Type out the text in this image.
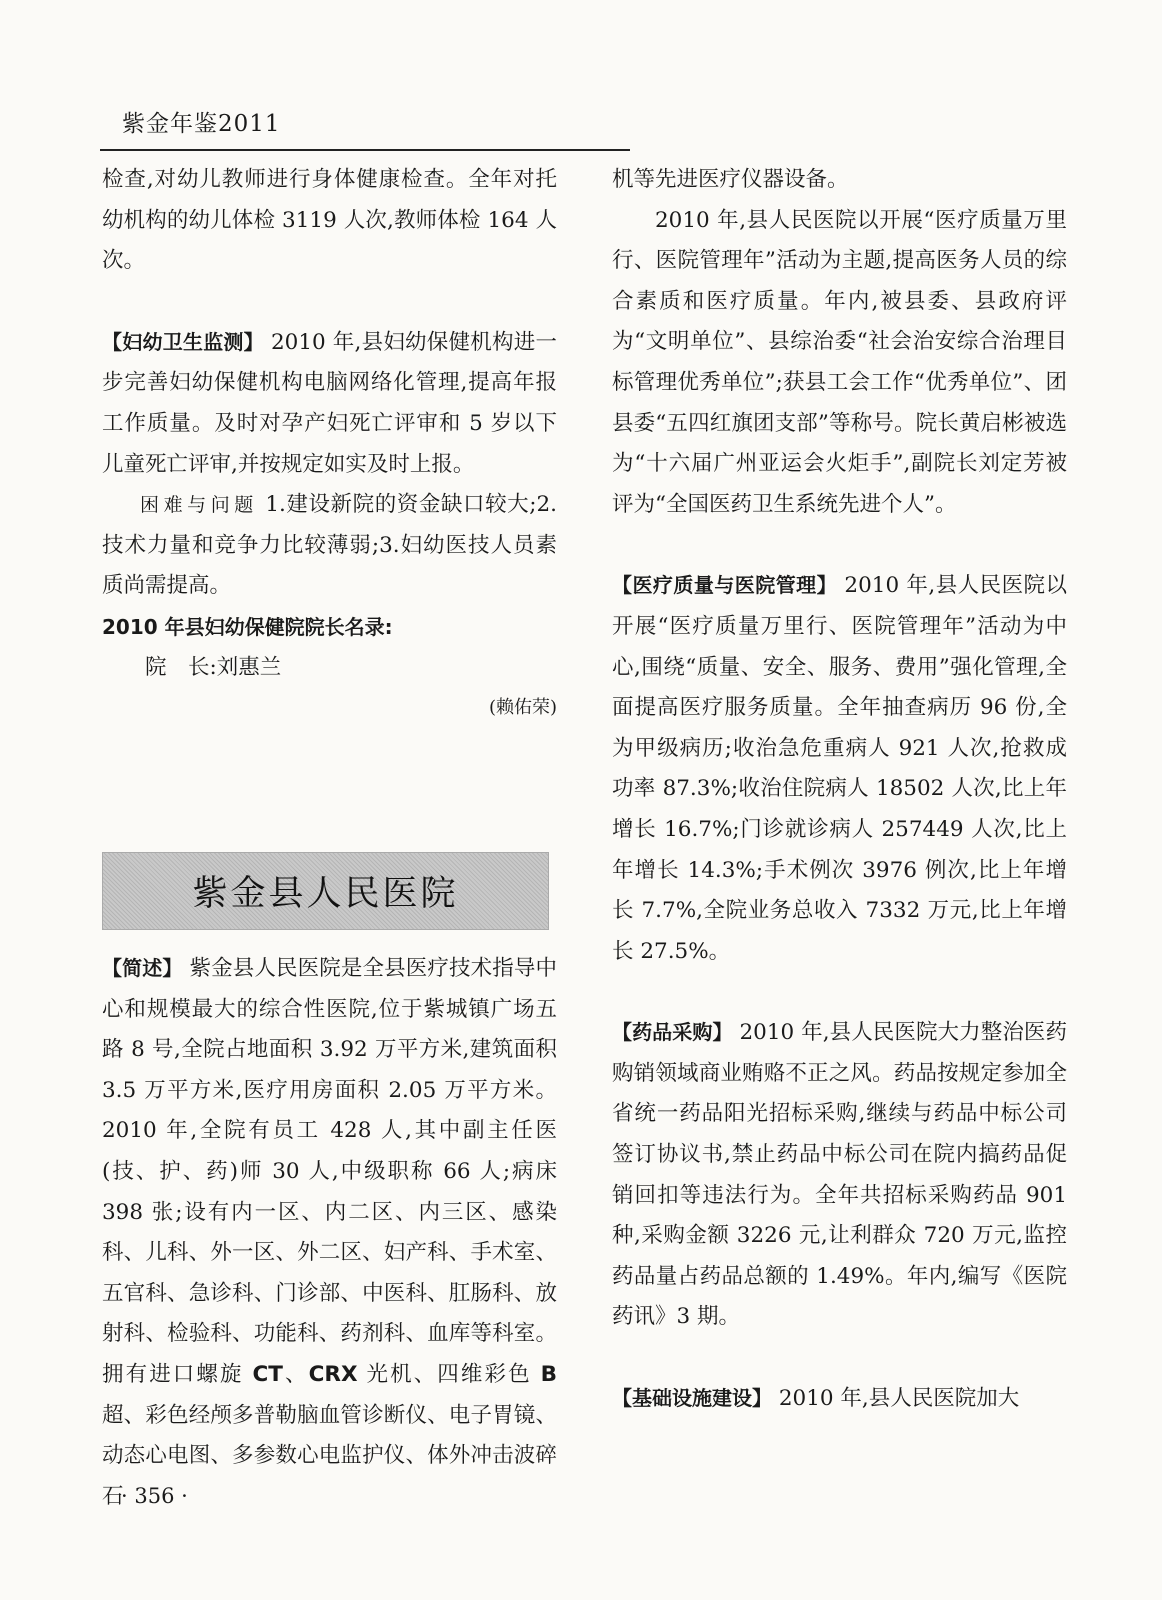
紫金年鉴2011

检查,对幼儿教师进行身体健康检查。全年对托幼机构的幼儿体检 3119 人次,教师体检 164 人次。

【妇幼卫生监测】 2010 年,县妇幼保健机构进一步完善妇幼保健机构电脑网络化管理,提高年报工作质量。及时对孕产妇死亡评审和 5 岁以下儿童死亡评审,并按规定如实及时上报。

困难与问题 1.建设新院的资金缺口较大;2.技术力量和竞争力比较薄弱;3.妇幼医技人员素质尚需提高。

2010 年县妇幼保健院院长名录:

院　长:刘惠兰

(赖佑荣)

紫金县人民医院

【简述】 紫金县人民医院是全县医疗技术指导中心和规模最大的综合性医院,位于紫城镇广场五路 8 号,全院占地面积 3.92 万平方米,建筑面积 3.5 万平方米,医疗用房面积 2.05 万平方米。2010 年,全院有员工 428 人,其中副主任医(技、护、药)师 30 人,中级职称 66 人;病床 398 张;设有内一区、内二区、内三区、感染科、儿科、外一区、外二区、妇产科、手术室、五官科、急诊科、门诊部、中医科、肛肠科、放射科、检验科、功能科、药剂科、血库等科室。拥有进口螺旋 CT、CRX 光机、四维彩色 B 超、彩色经颅多普勒脑血管诊断仪、电子胃镜、动态心电图、多参数心电监护仪、体外冲击波碎石

机等先进医疗仪器设备。

2010 年,县人民医院以开展“医疗质量万里行、医院管理年”活动为主题,提高医务人员的综合素质和医疗质量。年内,被县委、县政府评为“文明单位”、县综治委“社会治安综合治理目标管理优秀单位”;获县工会工作“优秀单位”、团县委“五四红旗团支部”等称号。院长黄启彬被选为“十六届广州亚运会火炬手”,副院长刘定芳被评为“全国医药卫生系统先进个人”。

【医疗质量与医院管理】 2010 年,县人民医院以开展“医疗质量万里行、医院管理年”活动为中心,围绕“质量、安全、服务、费用”强化管理,全面提高医疗服务质量。全年抽查病历 96 份,全为甲级病历;收治急危重病人 921 人次,抢救成功率 87.3%;收治住院病人 18502 人次,比上年增长 16.7%;门诊就诊病人 257449 人次,比上年增长 14.3%;手术例次 3976 例次,比上年增长 7.7%,全院业务总收入 7332 万元,比上年增长 27.5%。

【药品采购】 2010 年,县人民医院大力整治医药购销领域商业贿赂不正之风。药品按规定参加全省统一药品阳光招标采购,继续与药品中标公司签订协议书,禁止药品中标公司在院内搞药品促销回扣等违法行为。全年共招标采购药品 901 种,采购金额 3226 元,让利群众 720 万元,监控药品量占药品总额的 1.49%。年内,编写《医院药讯》3 期。

【基础设施建设】 2010 年,县人民医院加大

· 356 ·
